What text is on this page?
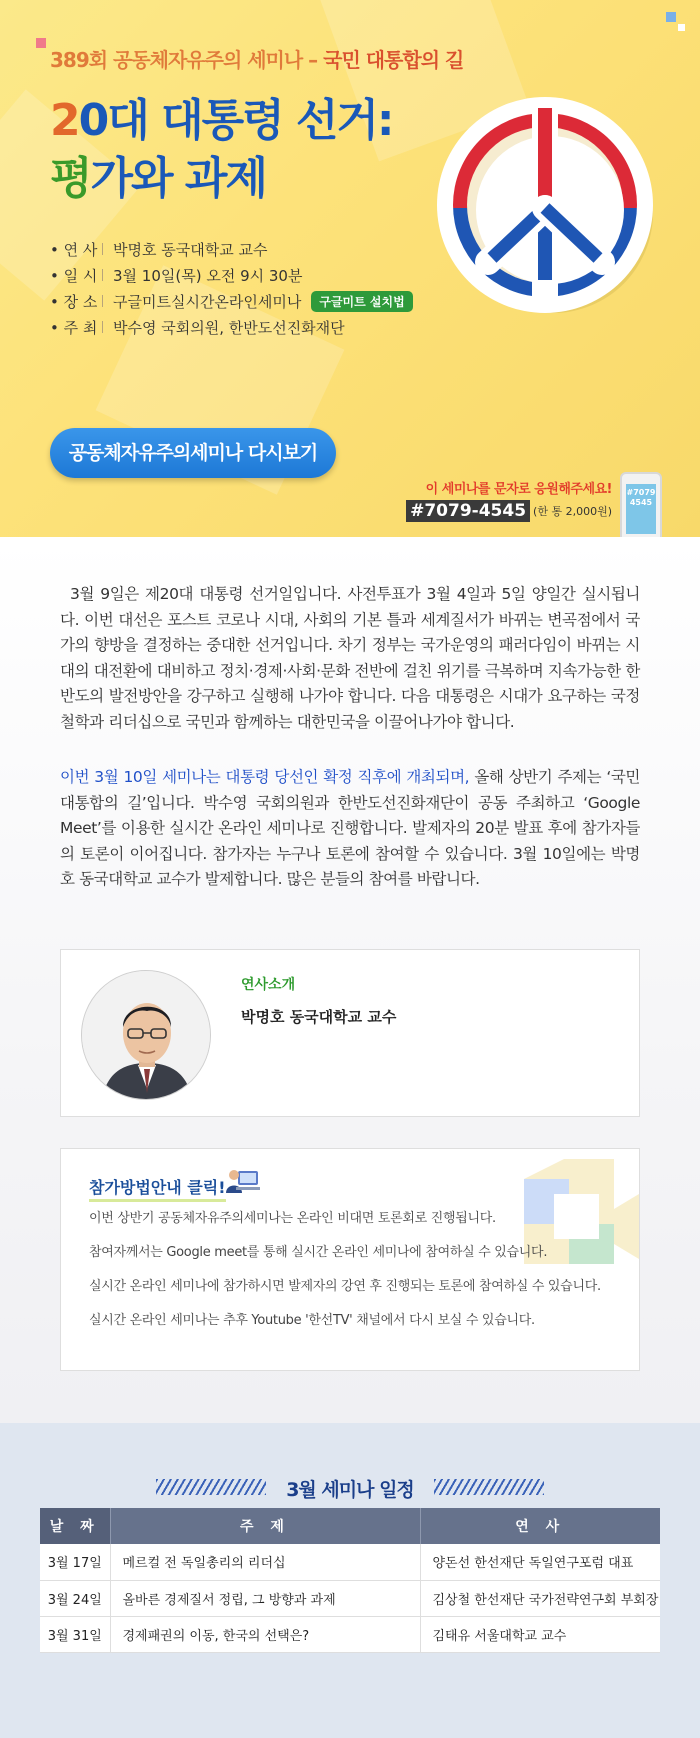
389회 공동체자유주의 세미나 – 국민 대통합의 길
20대 대통령 선거:
평가와 과제
• 연 사	박명호 동국대학교 교수
• 일 시	3월 10일(목) 오전 9시 30분
• 장 소	구글미트실시간온라인세미나	구글미트 설치법
• 주 최	박수영 국회의원, 한반도선진화재단
공동체자유주의세미나 다시보기
이 세미나를 문자로 응원해주세요!
#7079-4545 (한 통 2,000원)
#7079 4545
3월 9일은 제20대 대통령 선거일입니다. 사전투표가 3월 4일과 5일 양일간 실시됩니다. 이번 대선은 포스트 코로나 시대, 사회의 기본 틀과 세계질서가 바뀌는 변곡점에서 국가의 향방을 결정하는 중대한 선거입니다. 차기 정부는 국가운영의 패러다임이 바뀌는 시대의 대전환에 대비하고 정치·경제·사회·문화 전반에 걸친 위기를 극복하며 지속가능한 한반도의 발전방안을 강구하고 실행해 나가야 합니다. 다음 대통령은 시대가 요구하는 국정철학과 리더십으로 국민과 함께하는 대한민국을 이끌어나가야 합니다.
이번 3월 10일 세미나는 대통령 당선인 확정 직후에 개최되며, 올해 상반기 주제는 ‘국민 대통합의 길’입니다. 박수영 국회의원과 한반도선진화재단이 공동 주최하고 ‘Google Meet’를 이용한 실시간 온라인 세미나로 진행합니다. 발제자의 20분 발표 후에 참가자들의 토론이 이어집니다. 참가자는 누구나 토론에 참여할 수 있습니다. 3월 10일에는 박명호 동국대학교 교수가 발제합니다. 많은 분들의 참여를 바랍니다.
연사소개
박명호 동국대학교 교수
참가방법안내 클릭!
이번 상반기 공동체자유주의세미나는 온라인 비대면 토론회로 진행됩니다.
참여자께서는 Google meet를 통해 실시간 온라인 세미나에 참여하실 수 있습니다.
실시간 온라인 세미나에 참가하시면 발제자의 강연 후 진행되는 토론에 참여하실 수 있습니다.
실시간 온라인 세미나는 추후 Youtube '한선TV' 채널에서 다시 보실 수 있습니다.
3월 세미나 일정
날 짜	주 제	연 사
3월 17일	메르컬 전 독일총리의 리더십	양돈선 한선재단 독일연구포럼 대표
3월 24일	올바른 경제질서 정립, 그 방향과 과제	김상철 한선재단 국가전략연구회 부회장
3월 31일	경제패권의 이동, 한국의 선택은?	김태유 서울대학교 교수
